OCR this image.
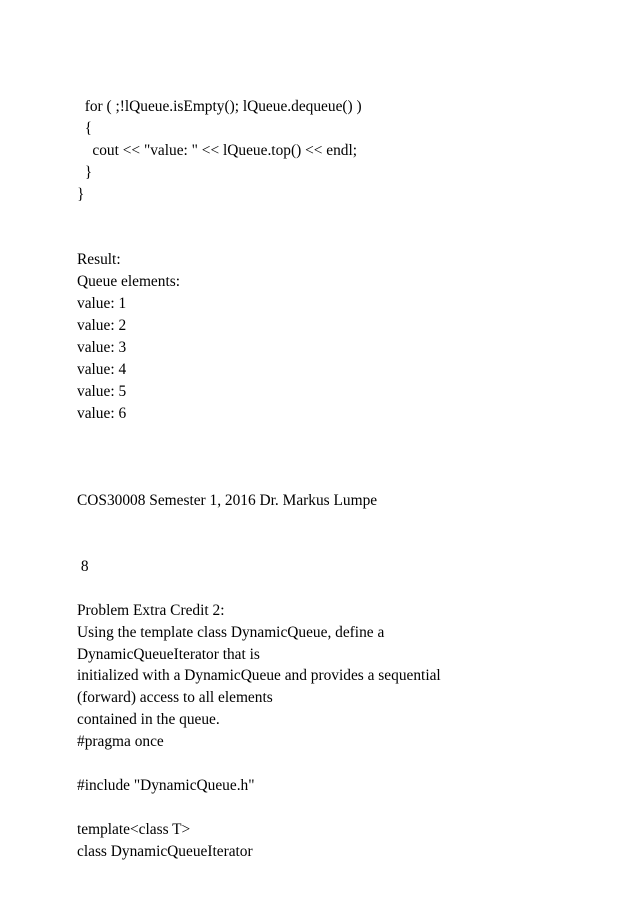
for ( ;!lQueue.isEmpty(); lQueue.dequeue() )
{
cout << "value: " << lQueue.top() << endl;
}
}
Result:
Queue elements:
value: 1
value: 2
value: 3
value: 4
value: 5
value: 6
COS30008 Semester 1, 2016 Dr. Markus Lumpe
8
Problem Extra Credit 2:
Using the template class DynamicQueue, define a
DynamicQueueIterator that is
initialized with a DynamicQueue and provides a sequential
(forward) access to all elements
contained in the queue.
#pragma once
#include "DynamicQueue.h"
template<class T>
class DynamicQueueIterator
